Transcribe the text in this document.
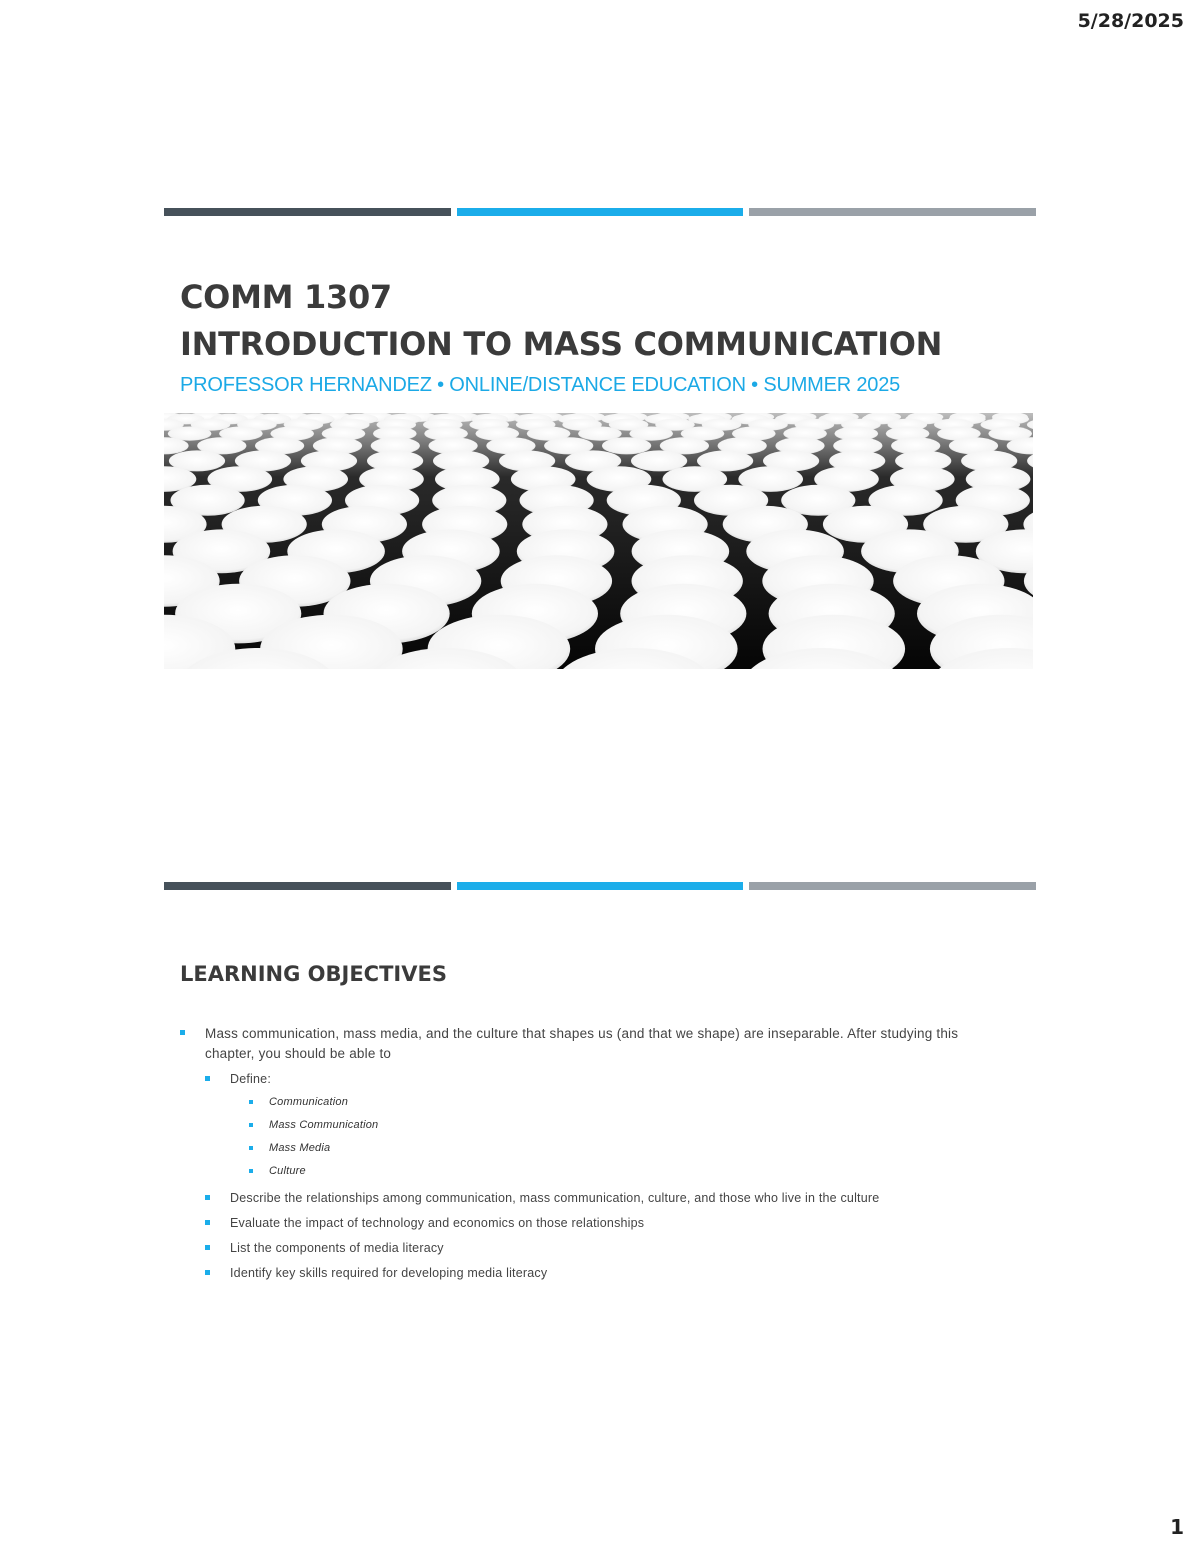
5/28/2025
COMM 1307
INTRODUCTION TO MASS COMMUNICATION
PROFESSOR HERNANDEZ • ONLINE/DISTANCE EDUCATION • SUMMER 2025
LEARNING OBJECTIVES
Mass communication, mass media, and the culture that shapes us (and that we shape) are inseparable. After studying this chapter, you should be able to
Define:
Communication
Mass Communication
Mass Media
Culture
Describe the relationships among communication, mass communication, culture, and those who live in the culture
Evaluate the impact of technology and economics on those relationships
List the components of media literacy
Identify key skills required for developing media literacy
1
